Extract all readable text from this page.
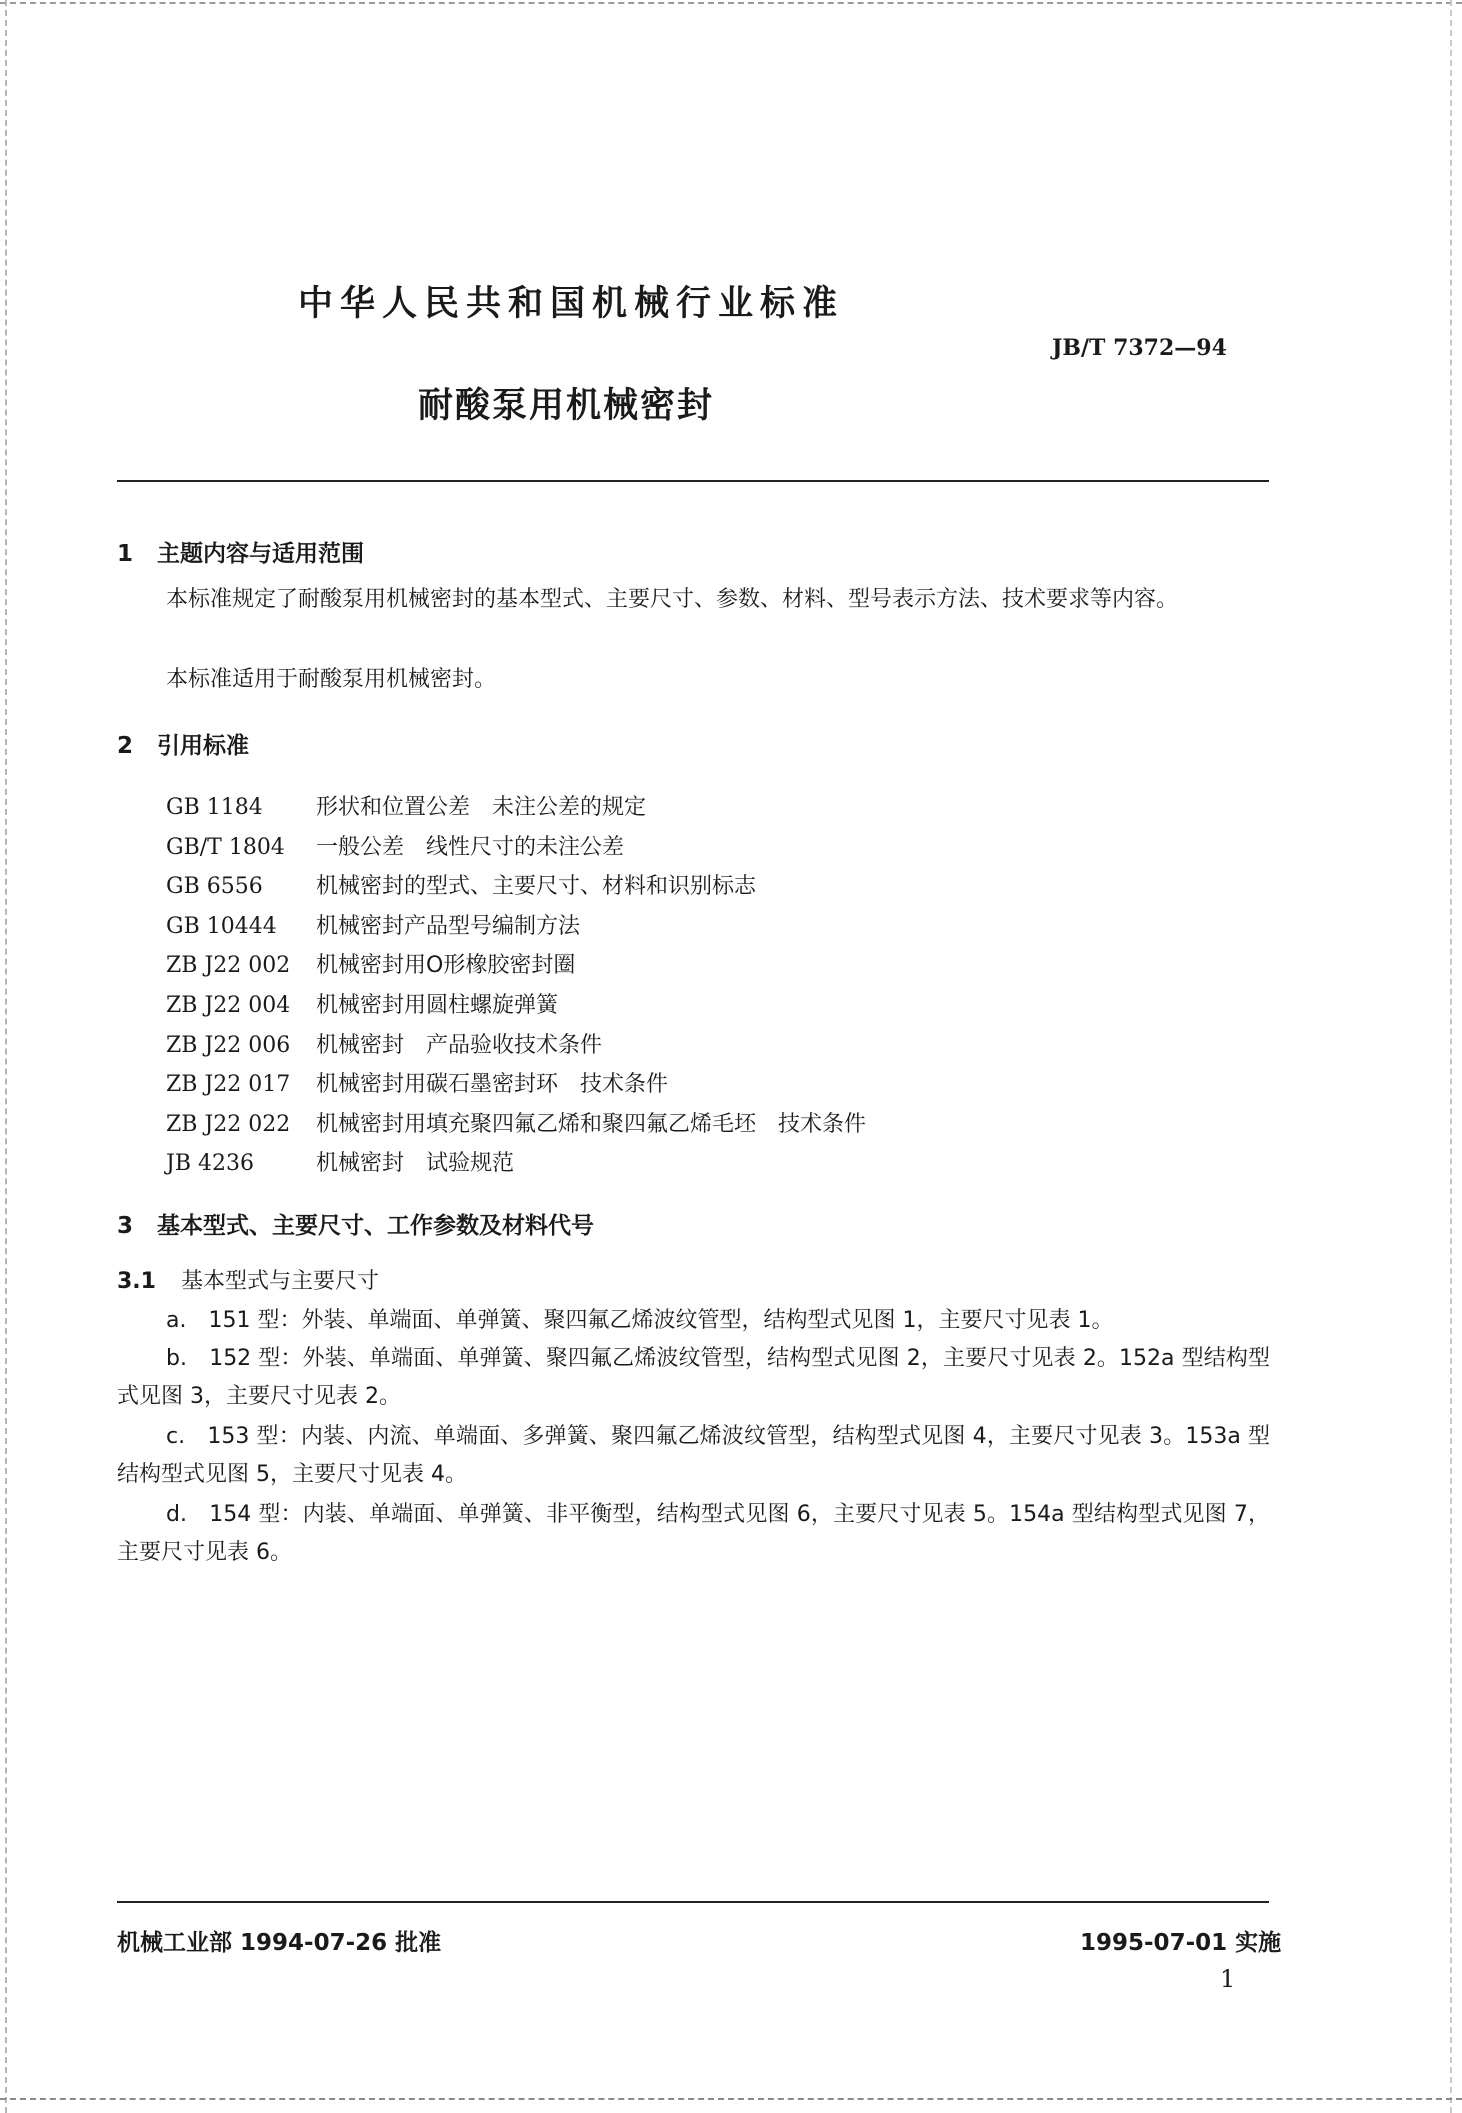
中华人民共和国机械行业标准
JB/T 7372—94
耐酸泵用机械密封
1 主题内容与适用范围
本标准规定了耐酸泵用机械密封的基本型式、主要尺寸、参数、材料、型号表示方法、技术要求等内容。
本标准适用于耐酸泵用机械密封。
2 引用标准
GB 1184 形状和位置公差　未注公差的规定
GB/T 1804 一般公差　线性尺寸的未注公差
GB 6556 机械密封的型式、主要尺寸、材料和识别标志
GB 10444 机械密封产品型号编制方法
ZB J22 002 机械密封用O形橡胶密封圈
ZB J22 004 机械密封用圆柱螺旋弹簧
ZB J22 006 机械密封　产品验收技术条件
ZB J22 017 机械密封用碳石墨密封环　技术条件
ZB J22 022 机械密封用填充聚四氟乙烯和聚四氟乙烯毛坯　技术条件
JB 4236	机械密封　试验规范
3 基本型式、主要尺寸、工作参数及材料代号
3.1 基本型式与主要尺寸
a.　151 型：外装、单端面、单弹簧、聚四氟乙烯波纹管型，结构型式见图 1，主要尺寸见表 1。
b.　152 型：外装、单端面、单弹簧、聚四氟乙烯波纹管型，结构型式见图 2，主要尺寸见表 2。152a 型结构型式见图 3，主要尺寸见表 2。
c.　153 型：内装、内流、单端面、多弹簧、聚四氟乙烯波纹管型，结构型式见图 4，主要尺寸见表 3。153a 型结构型式见图 5，主要尺寸见表 4。
d.　154 型：内装、单端面、单弹簧、非平衡型，结构型式见图 6，主要尺寸见表 5。154a 型结构型式见图 7，主要尺寸见表 6。
机械工业部 1994-07-26 批准	1995-07-01 实施
1
